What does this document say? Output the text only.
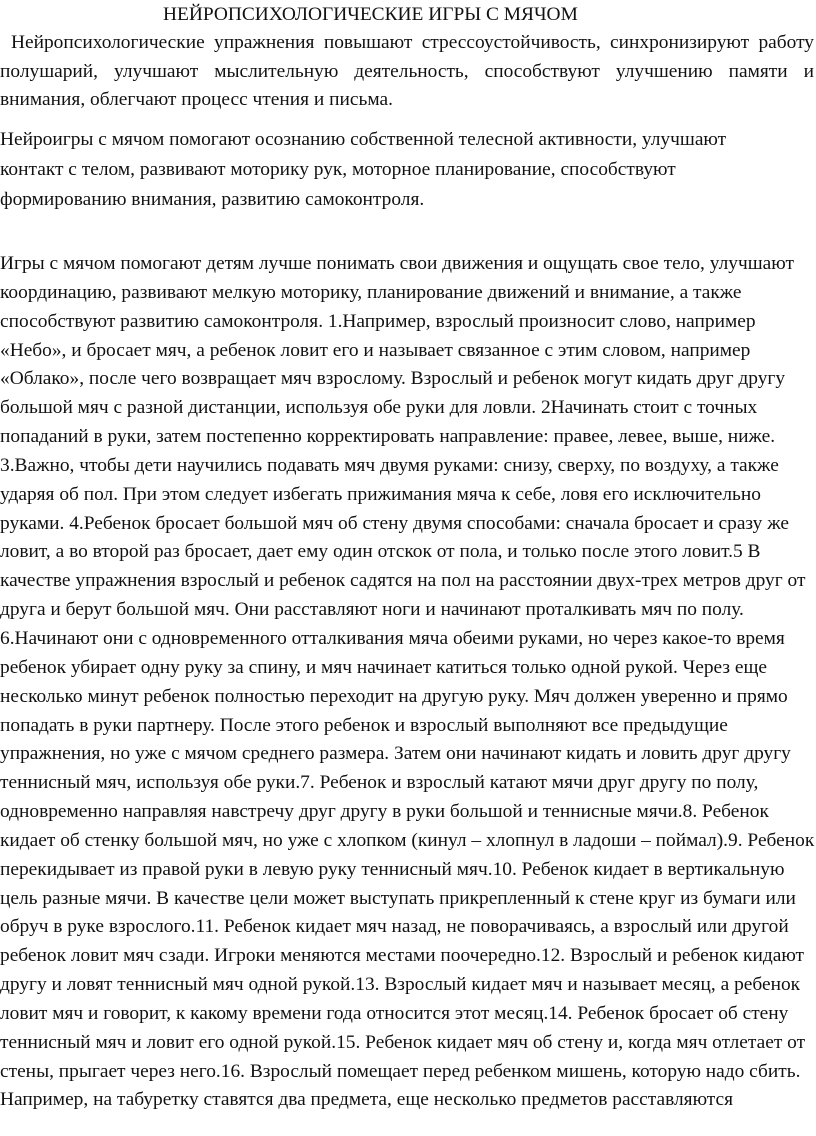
НЕЙРОПСИХОЛОГИЧЕСКИЕ ИГРЫ С МЯЧОМ

Нейропсихологические упражнения повышают стрессоустойчивость, синхронизируют работу полушарий, улучшают мыслительную деятельность, способствуют улучшению памяти и внимания, облегчают процесс чтения и письма.

Нейроигры с мячом помогают осознанию собственной телесной активности, улучшают контакт с телом, развивают моторику рук, моторное планирование, способствуют формированию внимания, развитию самоконтроля.

Игры с мячом помогают детям лучше понимать свои движения и ощущать свое тело, улучшают координацию, развивают мелкую моторику, планирование движений и внимание, а также способствуют развитию самоконтроля. 1.Например, взрослый произносит слово, например «Небо», и бросает мяч, а ребенок ловит его и называет связанное с этим словом, например «Облако», после чего возвращает мяч взрослому. Взрослый и ребенок могут кидать друг другу большой мяч с разной дистанции, используя обе руки для ловли. 2Начинать стоит с точных попаданий в руки, затем постепенно корректировать направление: правее, левее, выше, ниже. 3.Важно, чтобы дети научились подавать мяч двумя руками: снизу, сверху, по воздуху, а также ударяя об пол. При этом следует избегать прижимания мяча к себе, ловя его исключительно руками. 4.Ребенок бросает большой мяч об стену двумя способами: сначала бросает и сразу же ловит, а во второй раз бросает, дает ему один отскок от пола, и только после этого ловит.5 В качестве упражнения взрослый и ребенок садятся на пол на расстоянии двух-трех метров друг от друга и берут большой мяч. Они расставляют ноги и начинают проталкивать мяч по полу. 6.Начинают они с одновременного отталкивания мяча обеими руками, но через какое-то время ребенок убирает одну руку за спину, и мяч начинает катиться только одной рукой. Через еще несколько минут ребенок полностью переходит на другую руку. Мяч должен уверенно и прямо попадать в руки партнеру. После этого ребенок и взрослый выполняют все предыдущие упражнения, но уже с мячом среднего размера. Затем они начинают кидать и ловить друг другу теннисный мяч, используя обе руки.7. Ребенок и взрослый катают мячи друг другу по полу, одновременно направляя навстречу друг другу в руки большой и теннисные мячи.8. Ребенок кидает об стенку большой мяч, но уже с хлопком (кинул – хлопнул в ладоши – поймал).9. Ребенок перекидывает из правой руки в левую руку теннисный мяч.10. Ребенок кидает в вертикальную цель разные мячи. В качестве цели может выступать прикрепленный к стене круг из бумаги или обруч в руке взрослого.11. Ребенок кидает мяч назад, не поворачиваясь, а взрослый или другой ребенок ловит мяч сзади. Игроки меняются местами поочередно.12. Взрослый и ребенок кидают другу и ловят теннисный мяч одной рукой.13. Взрослый кидает мяч и называет месяц, а ребенок ловит мяч и говорит, к какому времени года относится этот месяц.14. Ребенок бросает об стену теннисный мяч и ловит его одной рукой.15. Ребенок кидает мяч об стену и, когда мяч отлетает от стены, прыгает через него.16. Взрослый помещает перед ребенком мишень, которую надо сбить. Например, на табуретку ставятся два предмета, еще несколько предметов расставляются
